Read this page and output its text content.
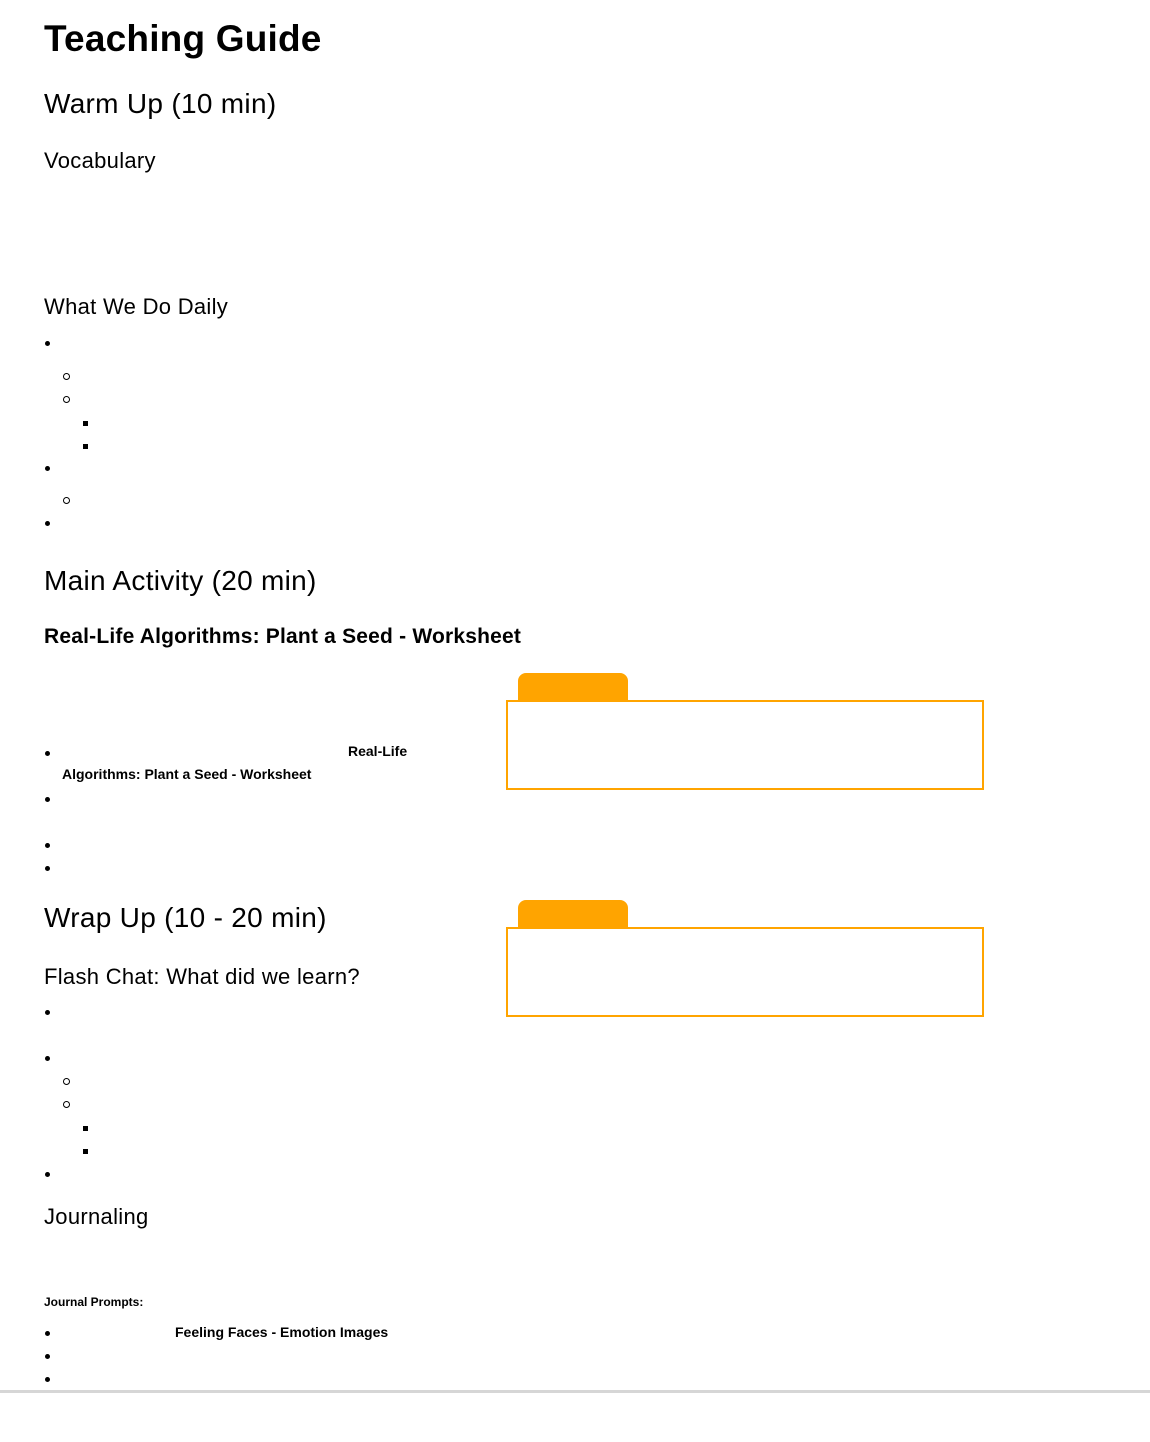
Teaching Guide
Warm Up (10 min)
Vocabulary
What We Do Daily
Main Activity (20 min)
Real-Life Algorithms: Plant a Seed - Worksheet
Real-Life
Algorithms: Plant a Seed - Worksheet
Wrap Up (10 - 20 min)
Flash Chat: What did we learn?
Journaling
Journal Prompts:
Feeling Faces - Emotion Images
